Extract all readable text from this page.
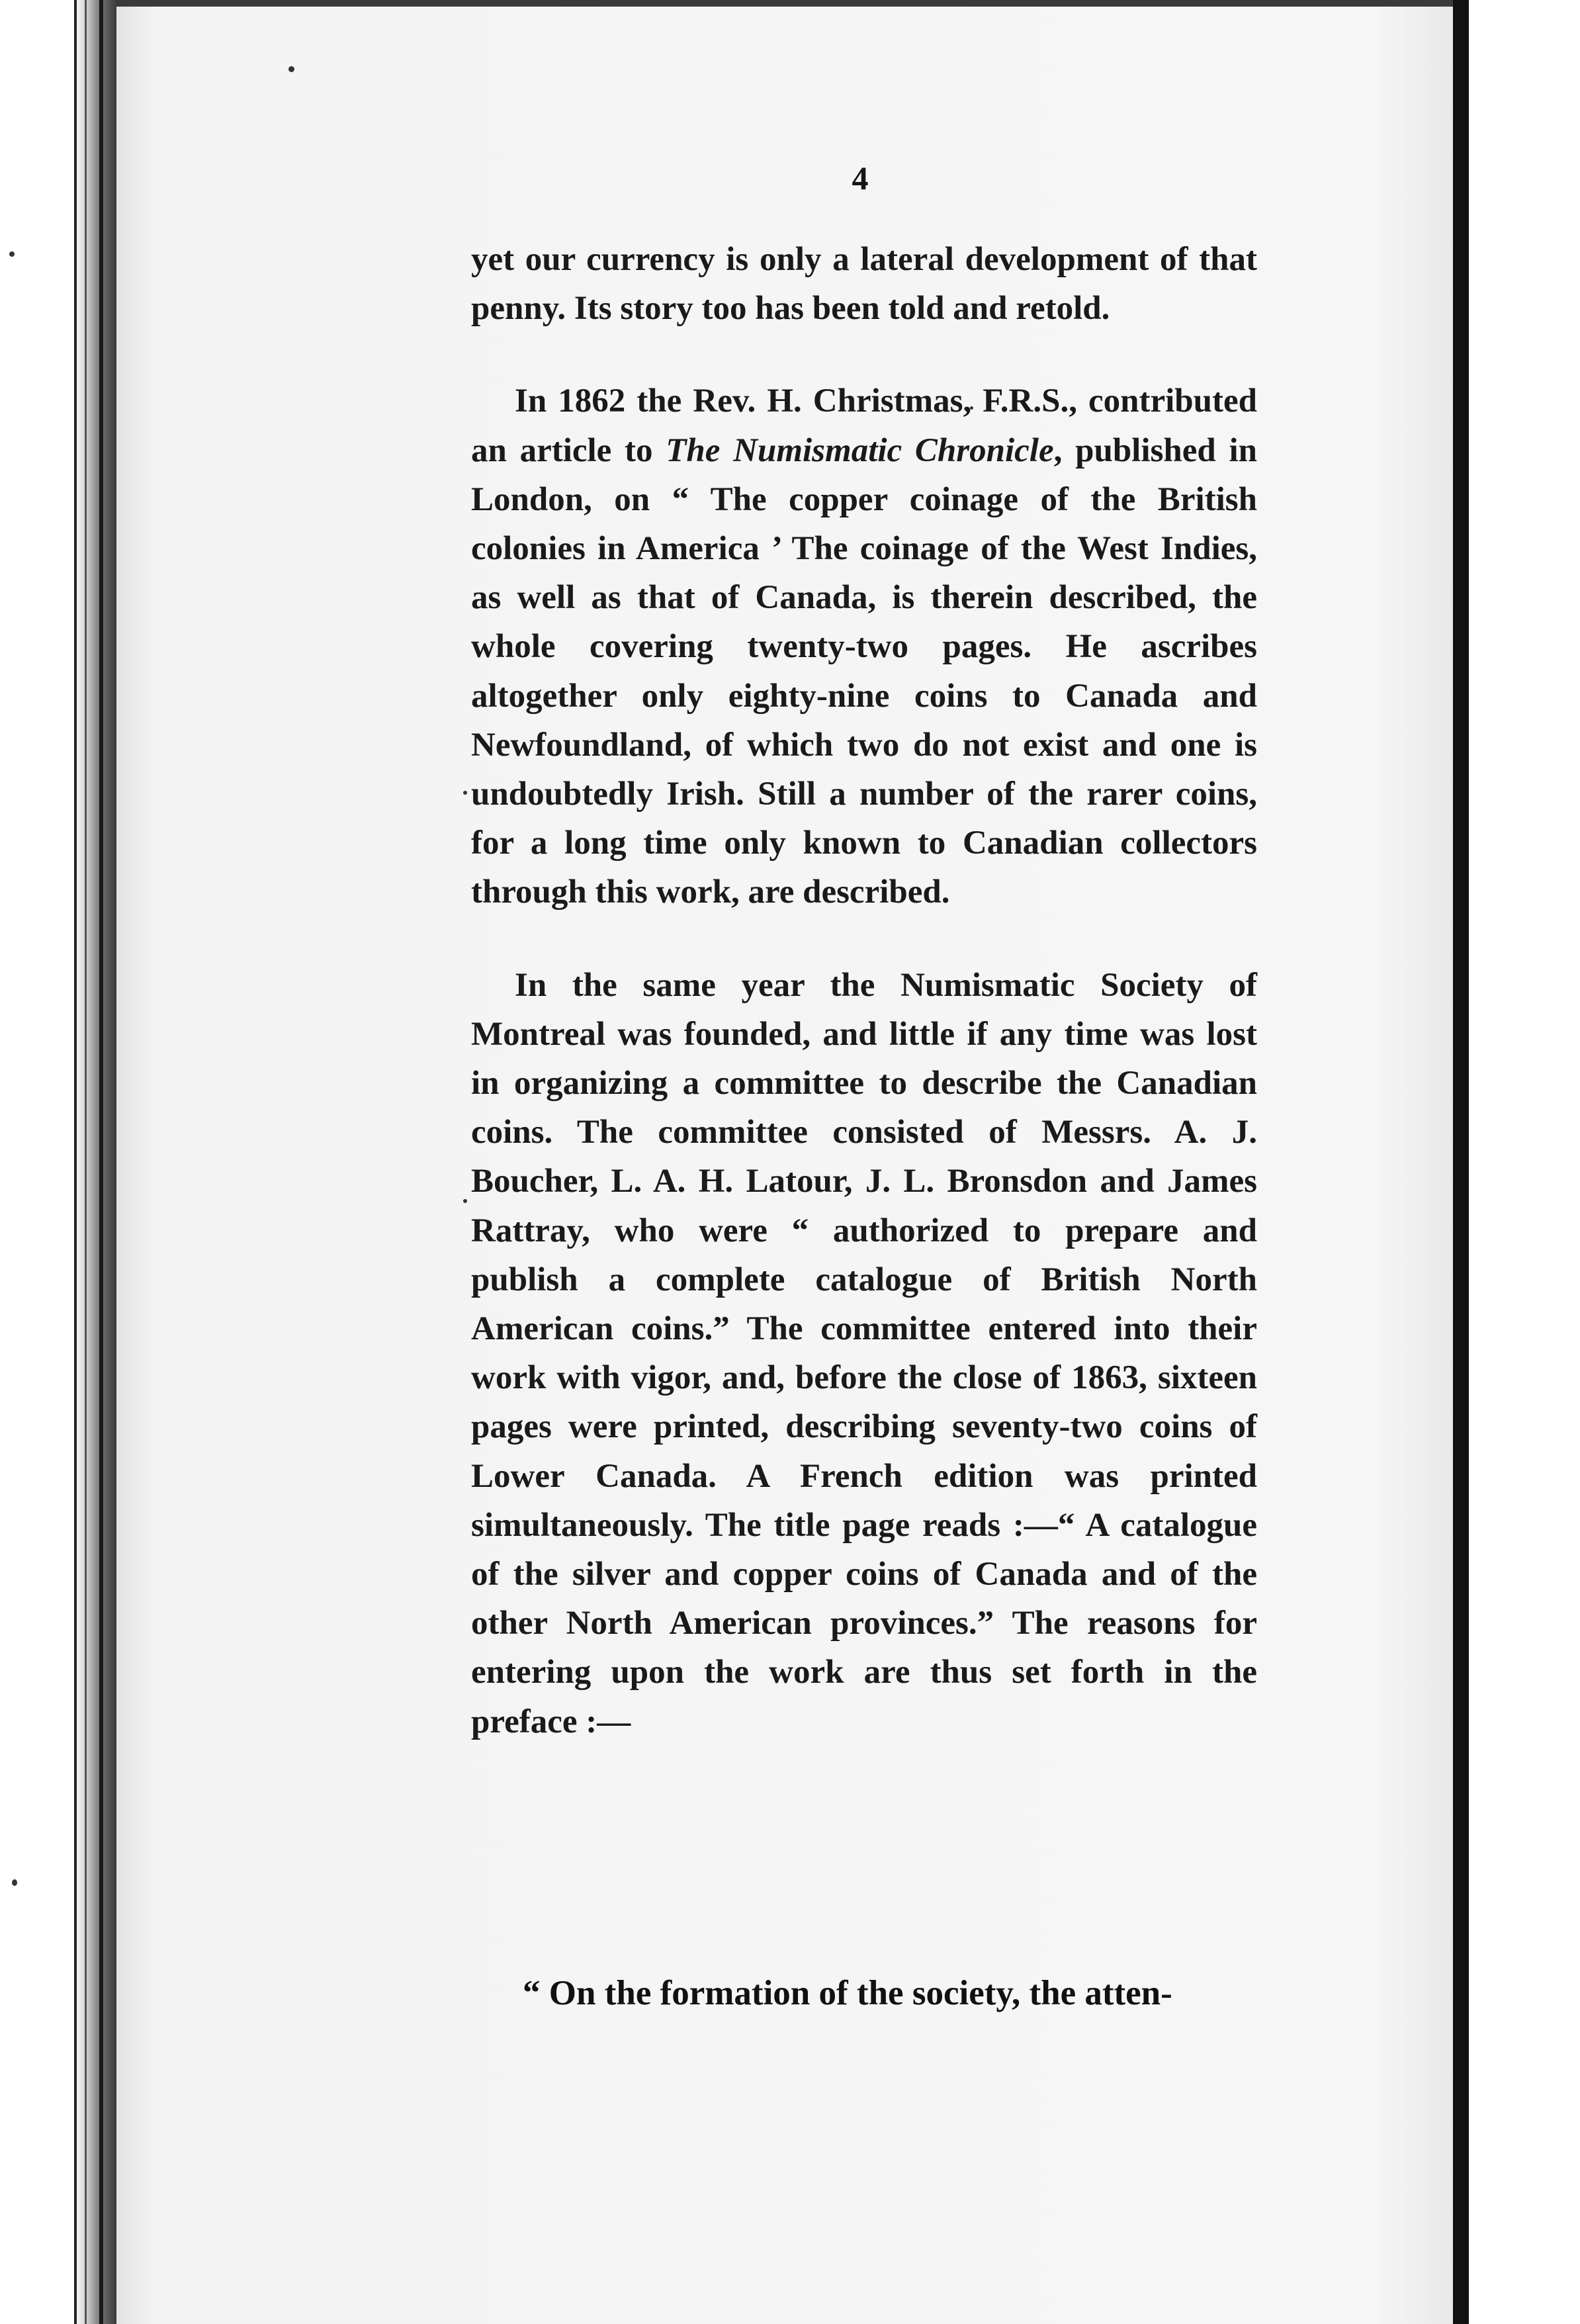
4

yet our currency is only a lateral development of that penny. Its story too has been told and retold.

In 1862 the Rev. H. Christmas, F.R.S., contributed an article to The Numismatic Chronicle, published in London, on “ The copper coinage of the British colonies in America ’ The coinage of the West Indies, as well as that of Canada, is therein described, the whole covering twenty-two pages. He ascribes altogether only eighty-nine coins to Canada and Newfoundland, of which two do not exist and one is undoubtedly Irish. Still a number of the rarer coins, for a long time only known to Canadian collectors through this work, are described.

In the same year the Numismatic Society of Montreal was founded, and little if any time was lost in organizing a committee to describe the Canadian coins. The committee consisted of Messrs. A. J. Boucher, L. A. H. Latour, J. L. Bronsdon and James Rattray, who were “ authorized to prepare and publish a complete catalogue of British North American coins.” The committee entered into their work with vigor, and, before the close of 1863, sixteen pages were printed, describing seventy-two coins of Lower Canada. A French edition was printed simultaneously. The title page reads :—“ A catalogue of the silver and copper coins of Canada and of the other North American provinces.” The reasons for entering upon the work are thus set forth in the preface :—

“ On the formation of the society, the atten-
